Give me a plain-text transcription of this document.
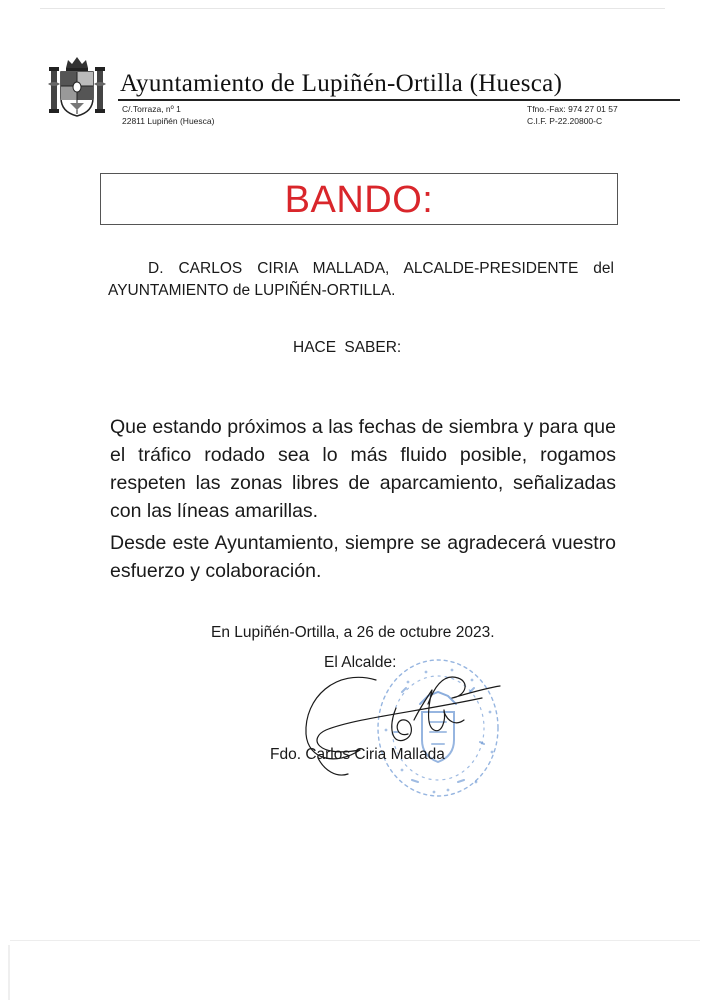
Ayuntamiento de Lupiñén-Ortilla (Huesca)
C/.Torraza, nº 1
22811 Lupiñén (Huesca)
Tfno.-Fax: 974 27 01 57
C.I.F. P-22.20800-C
BANDO:
D. CARLOS CIRIA MALLADA, ALCALDE-PRESIDENTE del AYUNTAMIENTO de LUPIÑÉN-ORTILLA.
HACE SABER:
Que estando próximos a las fechas de siembra y para que el tráfico rodado sea lo más fluido posible, rogamos respeten las zonas libres de aparcamiento, señalizadas con las líneas amarillas.
Desde este Ayuntamiento, siempre se agradecerá vuestro esfuerzo y colaboración.
En Lupiñén-Ortilla, a 26 de octubre 2023.
El Alcalde:
Fdo. Carlos Ciria Mallada
